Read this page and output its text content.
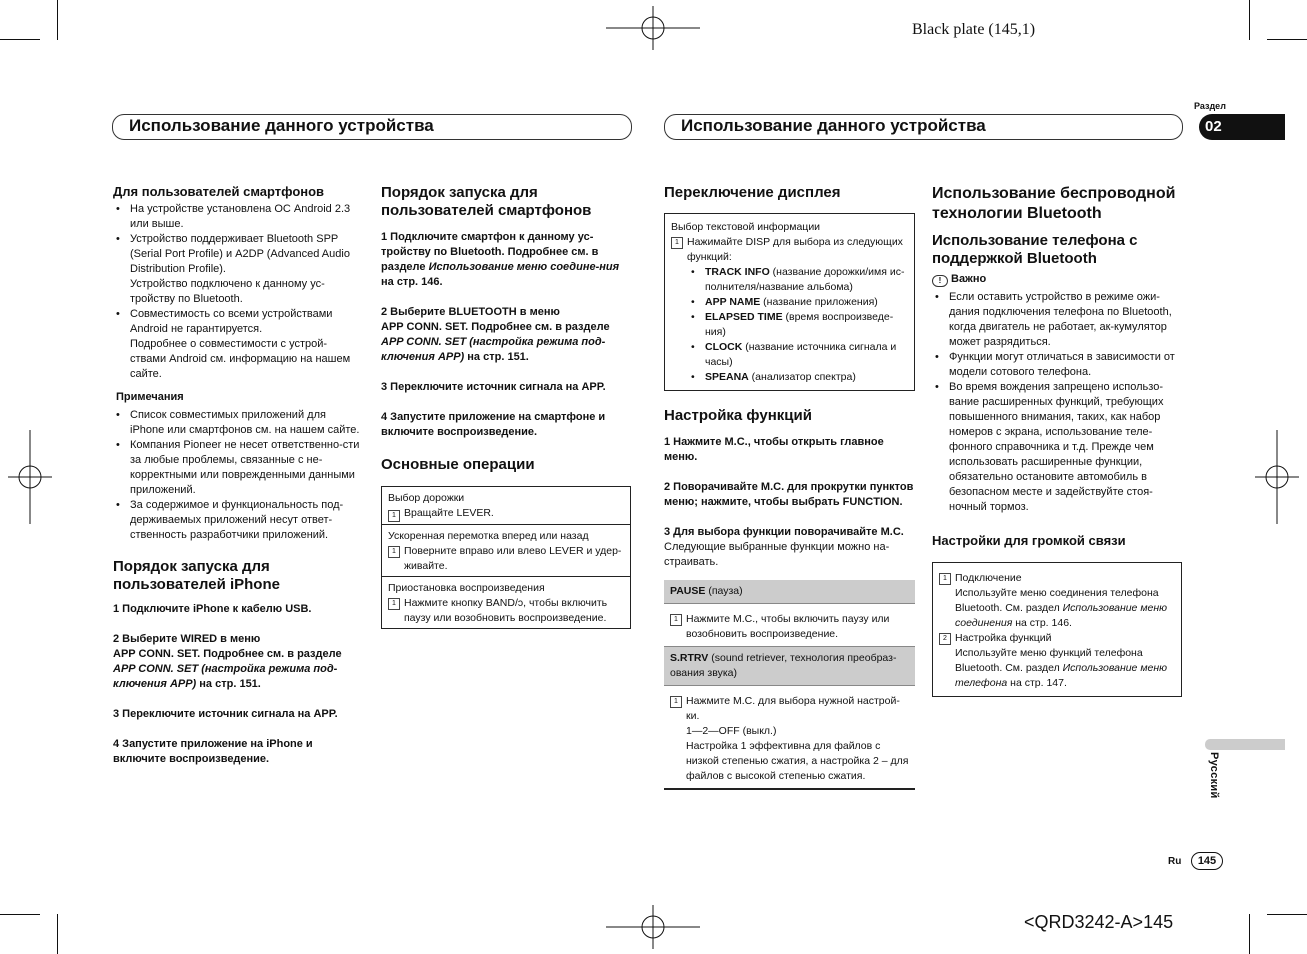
Black plate (145,1)
<QRD3242-A>145
Раздел
02
Русский
Ru	145
Использование данного устройства	Использование данного устройства
Для пользователей смартфонов
• На устройстве установлена ОС Android 2.3 или выше.
• Устройство поддерживает Bluetooth SPP (Serial Port Profile) и A2DP (Advanced Audio Distribution Profile).
Устройство подключено к данному ус-тройству по Bluetooth.
• Совместимость со всеми устройствами Android не гарантируется.
Подробнее о совместимости с устрой-ствами Android см. информацию на нашем сайте.

Примечания

• Список совместимых приложений для iPhone или смартфонов см. на нашем сайте.
• Компания Pioneer не несет ответственно-сти за любые проблемы, связанные с не-корректными или поврежденными данными приложений.
• За содержимое и функциональность под-держиваемых приложений несут ответ-ственность разработчики приложений.
Порядок запуска для пользователей iPhone

1 Подключите iPhone к кабелю USB.

2 Выберите WIRED в меню
APP CONN. SET. Подробнее см. в разделе
APP CONN. SET (настройка режима под-ключения APP) на стр. 151.

3 Переключите источник сигнала на APP.

4 Запустите приложение на iPhone и включите воспроизведение.

Порядок запуска для пользователей смартфонов

1 Подключите смартфон к данному ус-тройству по Bluetooth. Подробнее см. в разделе Использование меню соедине-ния на стр. 146.

2 Выберите BLUETOOTH в меню
APP CONN. SET. Подробнее см. в разделе
APP CONN. SET (настройка режима под-ключения APP) на стр. 151.

3 Переключите источник сигнала на APP.

4 Запустите приложение на смартфоне и включите воспроизведение.

Основные операции
Выбор дорожки
1 Вращайте LEVER.
Ускоренная перемотка вперед или назад
1 Поверните вправо или влево LEVER и удер-живайте.
Приостановка воспроизведения
1 Нажмите кнопку BAND/ↄ, чтобы включить паузу или возобновить воспроизведение.
Переключение дисплея
Выбор текстовой информации
1 Нажимайте DISP для выбора из следующих функций:
• TRACK INFO (название дорожки/имя ис-полнителя/название альбома)
• APP NAME (название приложения)
• ELAPSED TIME (время воспроизведе-ния)
• CLOCK (название источника сигнала и часы)
• SPEANA (анализатор спектра)
Настройка функций

1 Нажмите M.C., чтобы открыть главное меню.

2 Поворачивайте M.C. для прокрутки пунктов меню; нажмите, чтобы выбрать FUNCTION.

3 Для выбора функции поворачивайте M.C.

Следующие выбранные функции можно на-страивать.

PAUSE (пауза)
1 Нажмите M.C., чтобы включить паузу или возобновить воспроизведение.
S.RTRV (sound retriever, технология преобраз-ования звука)
1 Нажмите M.C. для выбора нужной настрой-ки.
1—2—OFF (выкл.)
Настройка 1 эффективна для файлов с низкой степенью сжатия, а настройка 2 – для файлов с высокой степенью сжатия.
Использование беспроводной технологии Bluetooth
Использование телефона с поддержкой Bluetooth

! Важно

• Если оставить устройство в режиме ожи-дания подключения телефона по Bluetooth, когда двигатель не работает, ак-кумулятор может разрядиться.
• Функции могут отличаться в зависимости от модели сотового телефона.
• Во время вождения запрещено использо-вание расширенных функций, требующих повышенного внимания, таких, как набор номеров с экрана, использование теле-фонного справочника и т.д. Прежде чем использовать расширенные функции, обязательно остановите автомобиль в безопасном месте и задействуйте стоя-ночный тормоз.
Настройки для громкой связи
1 Подключение
Используйте меню соединения телефона Bluetooth. См. раздел Использование меню соединения на стр. 146.
2 Настройка функций
Используйте меню функций телефона Bluetooth. См. раздел Использование меню телефона на стр. 147.
